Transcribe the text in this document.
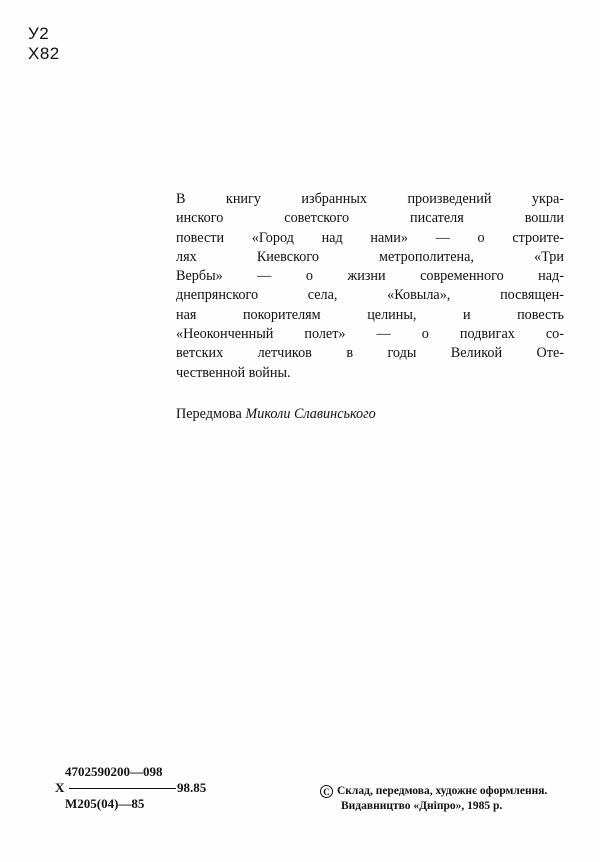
У2
Х82
В книгу избранных произведений укра-
инского советского писателя вошли
повести «Город над нами» — о строите-
лях Киевского метрополитена, «Три
Вербы» — о жизни современного над-
днепрянского села, «Ковыла», посвящен-
ная покорителям целины, и повесть
«Неоконченный полет» — о подвигах со-
ветских летчиков в годы Великой Оте-
чественной войны.
Передмова Миколи Славинського
4702590200—098
Х	98.85
М205(04)—85
C Склад, передмова, художнє оформлення.
Видавництво «Дніпро», 1985 р.
